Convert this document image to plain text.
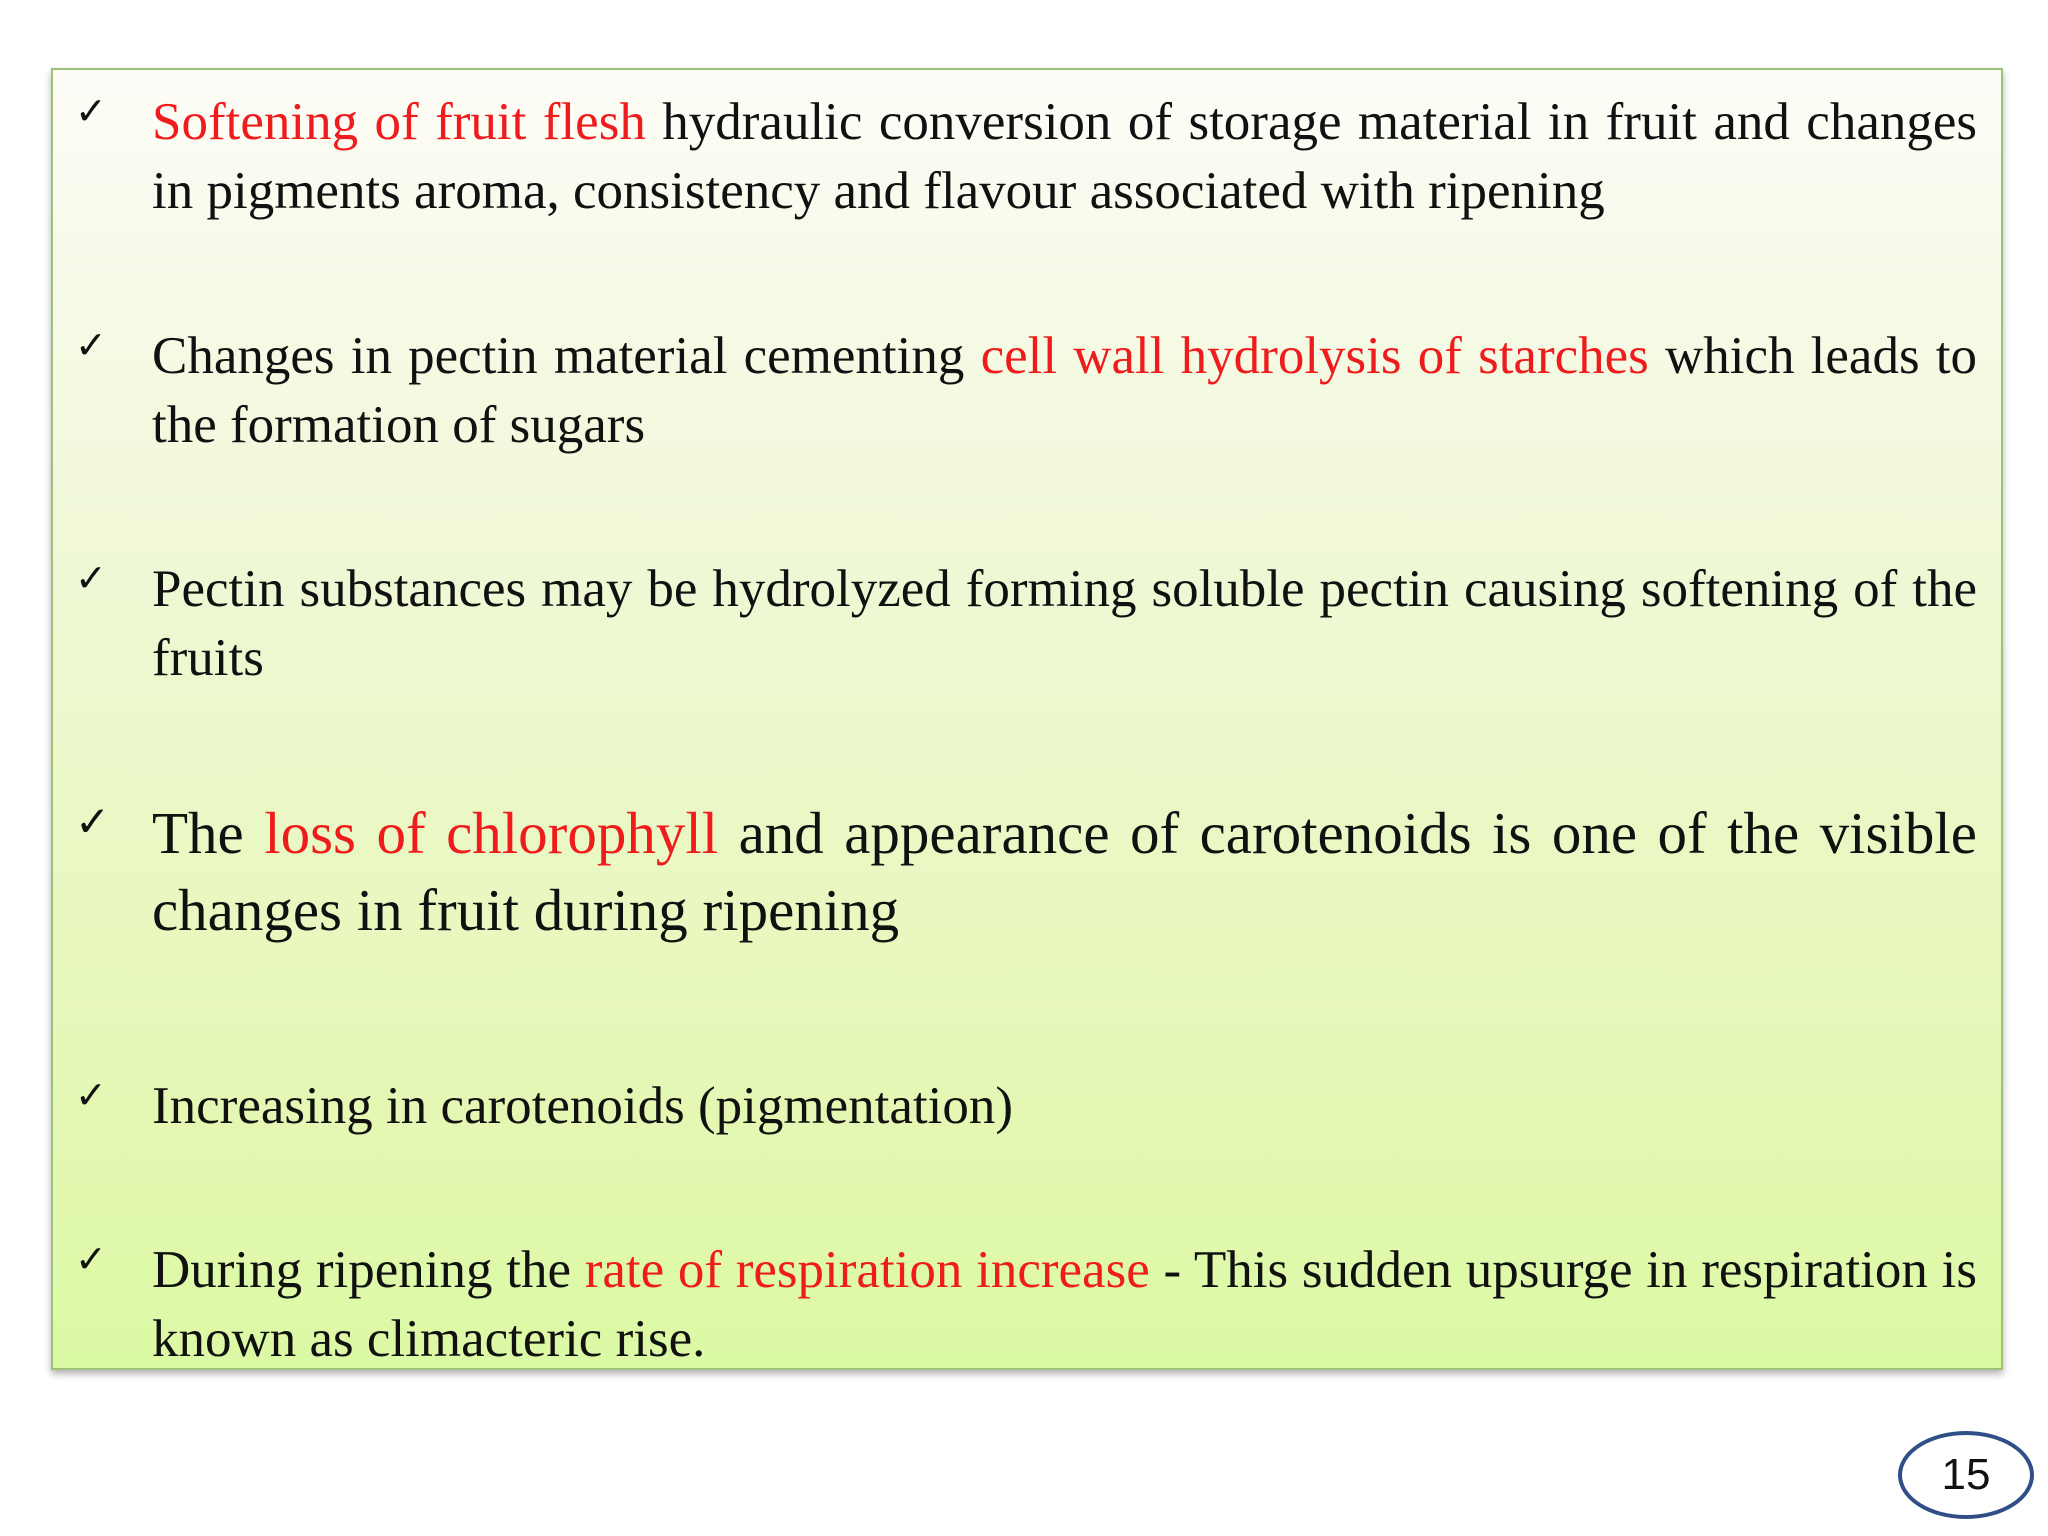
✓ Softening of fruit flesh hydraulic conversion of storage material in fruit and changes in pigments aroma, consistency and flavour associated with ripening

✓ Changes in pectin material cementing cell wall hydrolysis of starches which leads to the formation of sugars

✓ Pectin substances may be hydrolyzed forming soluble pectin causing softening of the fruits

✓ The loss of chlorophyll and appearance of carotenoids is one of the visible changes in fruit during ripening

✓ Increasing in carotenoids (pigmentation)

✓ During ripening the rate of respiration increase - This sudden upsurge in respiration is known as climacteric rise.

15
